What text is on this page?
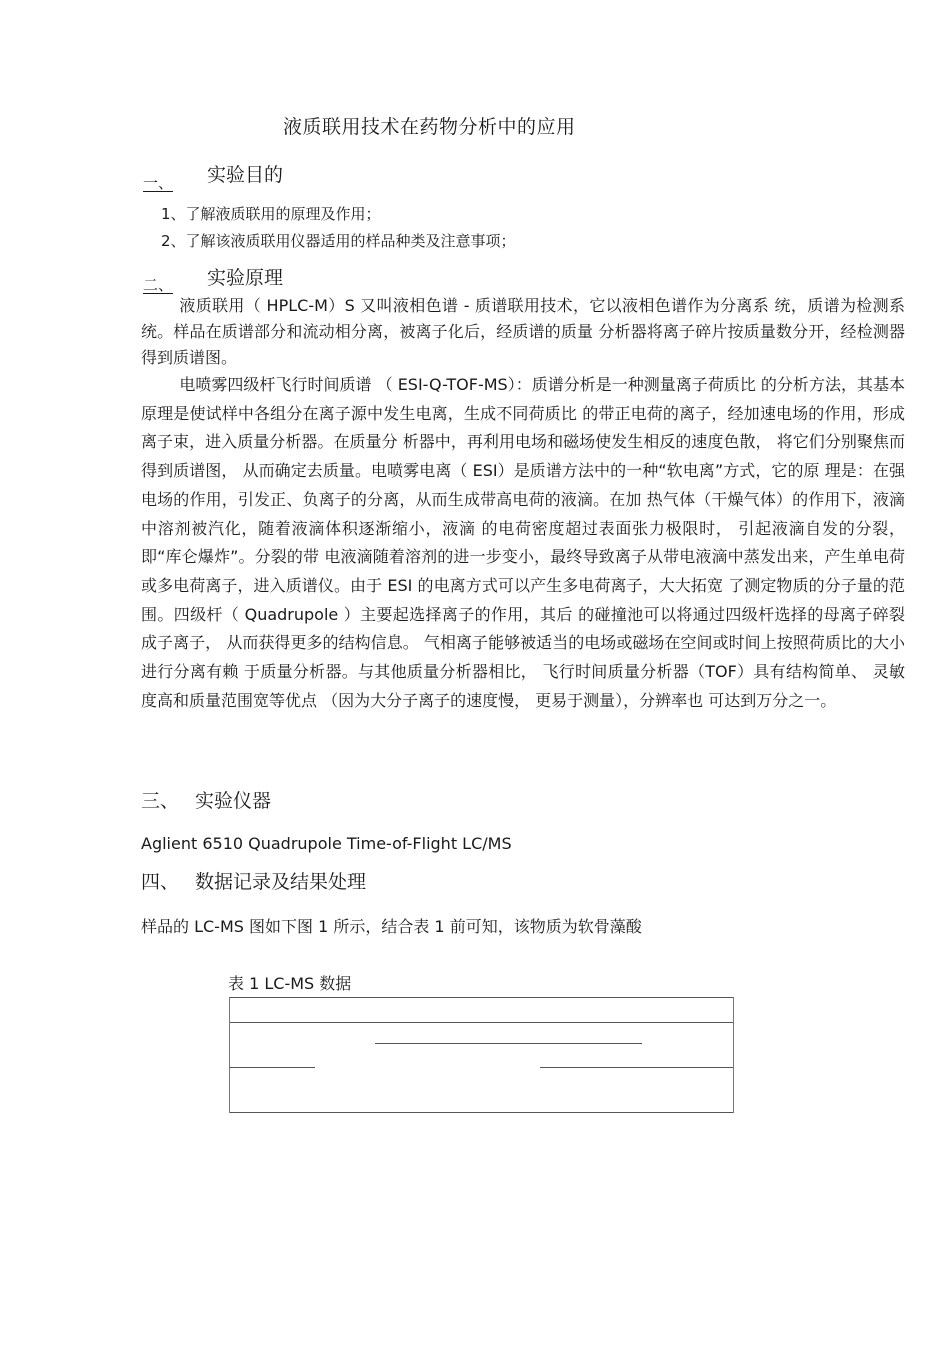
液质联用技术在药物分析中的应用
一、 实验目的
1、了解液质联用的原理及作用；
2、了解该液质联用仪器适用的样品种类及注意事项；
二、 实验原理
液质联用（ HPLC-M）S 又叫液相色谱 - 质谱联用技术，它以液相色谱作为分离系 统，质谱为检测系统。样品在质谱部分和流动相分离，被离子化后，经质谱的质量 分析器将离子碎片按质量数分开，经检测器得到质谱图。
电喷雾四级杆飞行时间质谱 （ ESI-Q-TOF-MS）：质谱分析是一种测量离子荷质比 的分析方法，其基本原理是使试样中各组分在离子源中发生电离，生成不同荷质比 的带正电荷的离子，经加速电场的作用，形成离子束，进入质量分析器。在质量分 析器中，再利用电场和磁场使发生相反的速度色散， 将它们分别聚焦而得到质谱图， 从而确定去质量。电喷雾电离（ ESI）是质谱方法中的一种“软电离”方式，它的原 理是：在强电场的作用，引发正、负离子的分离，从而生成带高电荷的液滴。在加 热气体（干燥气体）的作用下，液滴中溶剂被汽化，随着液滴体积逐渐缩小，液滴 的电荷密度超过表面张力极限时， 引起液滴自发的分裂， 即“库仑爆炸”。分裂的带 电液滴随着溶剂的进一步变小，最终导致离子从带电液滴中蒸发出来，产生单电荷 或多电荷离子，进入质谱仪。由于 ESI 的电离方式可以产生多电荷离子，大大拓宽 了测定物质的分子量的范围。四级杆（ Quadrupole ）主要起选择离子的作用，其后 的碰撞池可以将通过四级杆选择的母离子碎裂成子离子， 从而获得更多的结构信息。 气相离子能够被适当的电场或磁场在空间或时间上按照荷质比的大小进行分离有赖 于质量分析器。与其他质量分析器相比， 飞行时间质量分析器（TOF）具有结构简单、 灵敏度高和质量范围宽等优点 （因为大分子离子的速度慢， 更易于测量），分辨率也 可达到万分之一。
三、 实验仪器
Aglient 6510 Quadrupole Time-of-Flight LC/MS
四、 数据记录及结果处理
样品的 LC-MS 图如下图 1 所示，结合表 1 前可知，该物质为软骨藻酸
表 1 LC-MS 数据
